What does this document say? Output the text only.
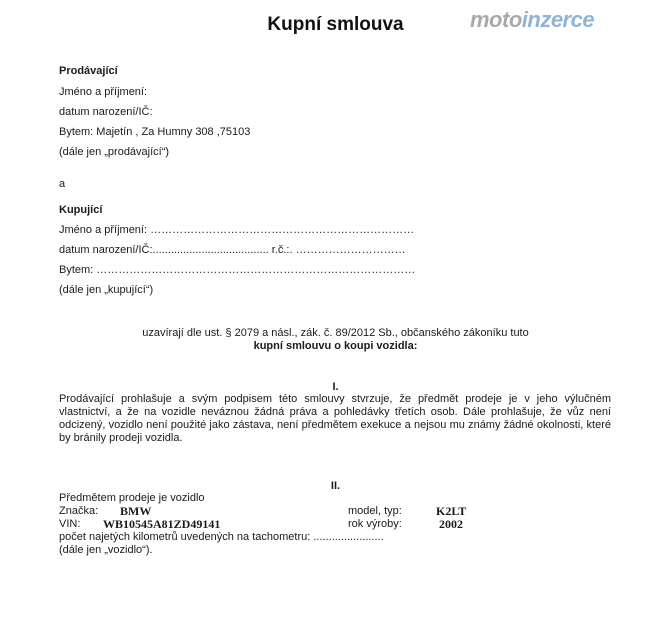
Kupní smlouva	motoinzerce
Prodávající
Jméno a příjmení:
datum narození/IČ:
Bytem: Majetín , Za Humny 308 ,75103
(dále jen „prodávající“)
a
Kupující
Jméno a příjmení: ………………………………………………………………
datum narození/IČ:...................................... r.č.:. …………………………
Bytem: ……………………………………………………………………………
(dále jen „kupující“)
uzavírají dle ust. § 2079 a násl., zák. č. 89/2012 Sb., občanského zákoníku tuto
kupní smlouvu o koupi vozidla:
I.
Prodávající prohlašuje a svým podpisem této smlouvy stvrzuje, že předmět prodeje je v jeho výlučném vlastnictví, a že na vozidle neváznou žádná práva a pohledávky třetích osob. Dále prohlašuje, že vůz není odcizený, vozidlo není použité jako zástava, není předmětem exekuce a nejsou mu známy žádné okolnosti, které by bránily prodeji vozidla.
II.
Předmětem prodeje je vozidlo
Značka: BMW	model, typ:	K2LT
VIN: WB10545A81ZD49141	rok výroby:	2002
počet najetých kilometrů uvedených na tachometru: .......................
(dále jen „vozidlo“).
